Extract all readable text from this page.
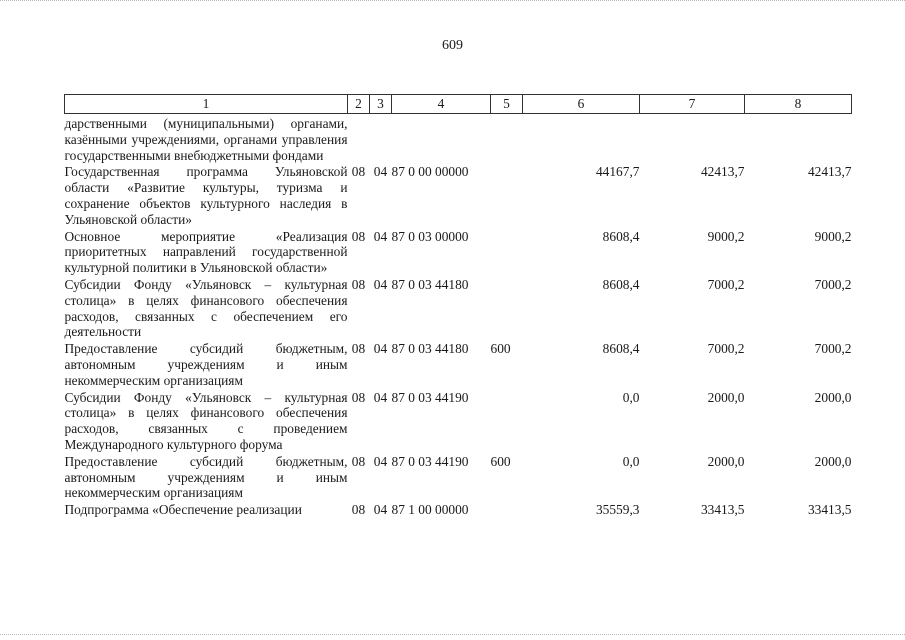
609
1	2	3	4	5	6	7	8
дарственными (муниципальными) органами, казёнными учреждениями, органами управления государственными внебюджетными фондами							
Государственная программа Ульяновской области «Развитие культуры, туризма и сохранение объектов культурного наследия в Ульяновской области»	08	04	87 0 00 00000		44167,7	42413,7	42413,7
Основное мероприятие «Реализация приоритетных направлений государственной культурной политики в Ульяновской области»	08	04	87 0 03 00000		8608,4	9000,2	9000,2
Субсидии Фонду «Ульяновск – культурная столица» в целях финансового обеспечения расходов, связанных с обеспечением его деятельности	08	04	87 0 03 44180		8608,4	7000,2	7000,2
Предоставление субсидий бюджетным, автономным учреждениям и иным некоммерческим организациям	08	04	87 0 03 44180	600	8608,4	7000,2	7000,2
Субсидии Фонду «Ульяновск – культурная столица» в целях финансового обеспечения расходов, связанных с проведением Международного культурного форума	08	04	87 0 03 44190		0,0	2000,0	2000,0
Предоставление субсидий бюджетным, автономным учреждениям и иным некоммерческим организациям	08	04	87 0 03 44190	600	0,0	2000,0	2000,0
Подпрограмма «Обеспечение реализации	08	04	87 1 00 00000		35559,3	33413,5	33413,5
